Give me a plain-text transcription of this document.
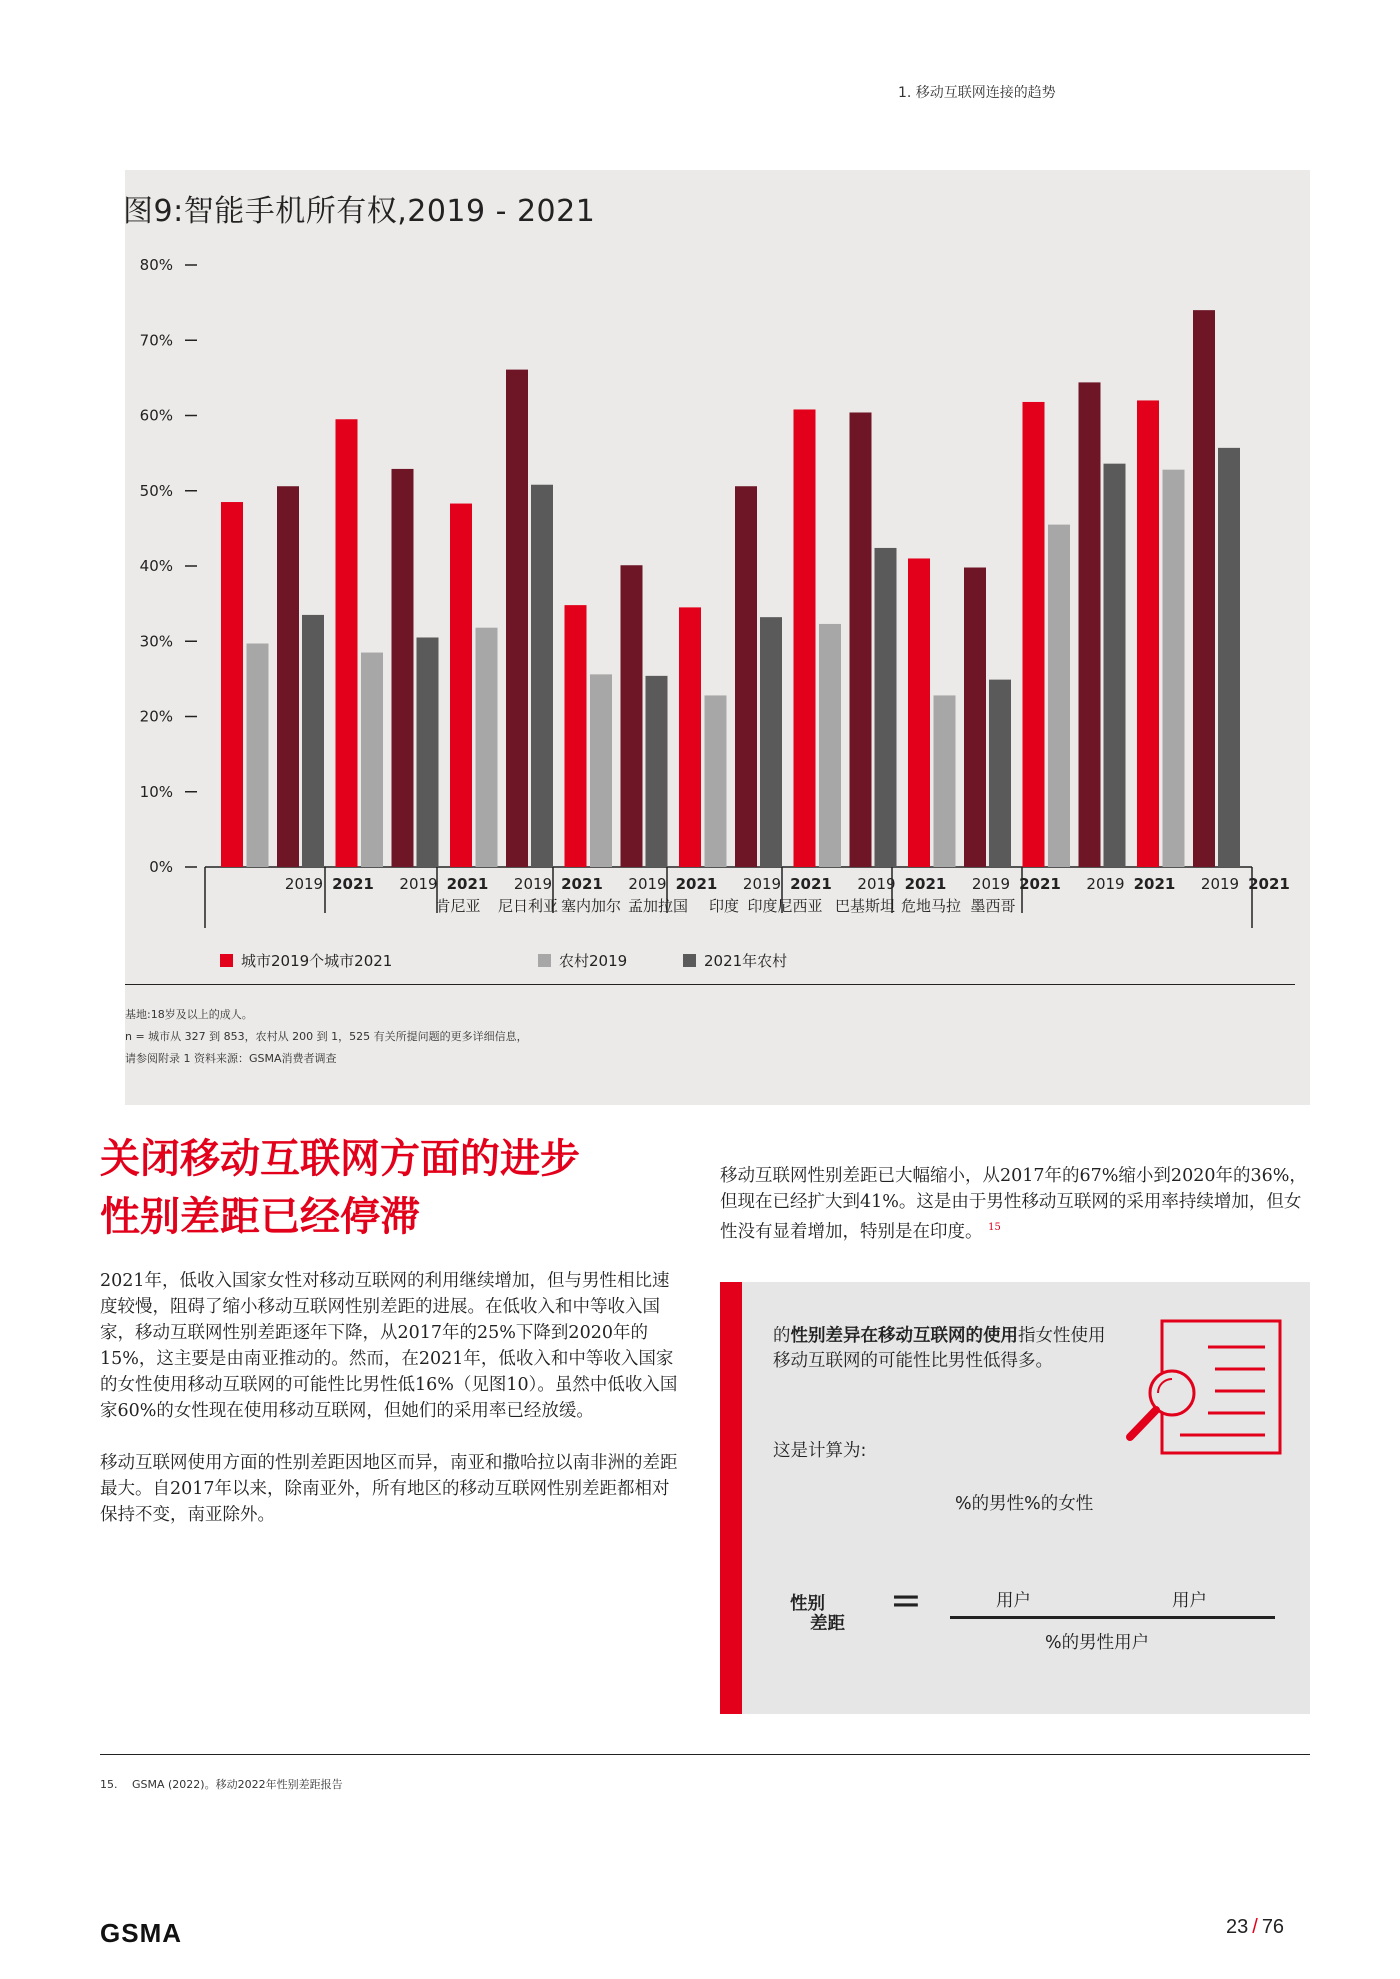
1. 移动互联网连接的趋势
0%
10%
20%
30%
40%
50%
60%
70%
80%
2019 2021 2019 2021 2019 2021 2019 2021 2019 2021 2019 2021 2019 2021 2019 2021 2019 2021
肯尼亚 尼日利亚 塞内加尔 孟加拉国 印度 印度尼西亚 巴基斯坦 危地马拉 墨西哥
图9:智能手机所有权,2019 - 2021
城市2019个城市2021	农村2019	2021年农村
基地:18岁及以上的成人。
n = 城市从 327 到 853，农村从 200 到 1，525 有关所提问题的更多详细信息，
请参阅附录 1 资料来源：GSMA消费者调查
关闭移动互联网方面的进步
性别差距已经停滞

2021年，低收入国家女性对移动互联网的利用继续增加，但与男性相比速度较慢，阻碍了缩小移动互联网性别差距的进展。在低收入和中等收入国家，移动互联网性别差距逐年下降，从2017年的25%下降到2020年的15%，这主要是由南亚推动的。然而，在2021年，低收入和中等收入国家的女性使用移动互联网的可能性比男性低16%（见图10）。虽然中低收入国家60%的女性现在使用移动互联网，但她们的采用率已经放缓。

移动互联网使用方面的性别差距因地区而异，南亚和撒哈拉以南非洲的差距最大。自2017年以来，除南亚外，所有地区的移动互联网性别差距都相对保持不变，南亚除外。

移动互联网性别差距已大幅缩小，从2017年的67%缩小到2020年的36%，但现在已经扩大到41%。这是由于男性移动互联网的采用率持续增加，但女性没有显着增加，特别是在印度。 $^{15}$
的性别差异在移动互联网的使用指女性使用移动互联网的可能性比男性低得多。
这是计算为:
%的男性%的女性
性别
差距
=	用户	用户
%的男性用户
15. GSMA (2022)。移动2022年性别差距报告
GSMA	23 / 76
